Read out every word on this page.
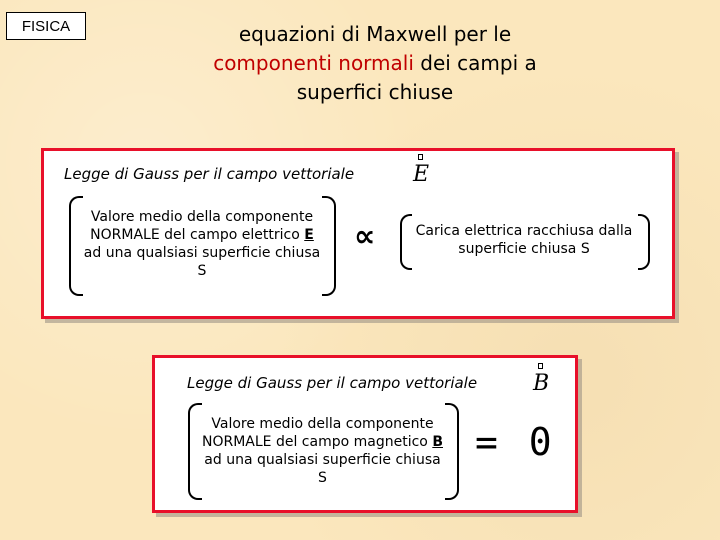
FISICA	equazioni di Maxwell per le
componenti normali dei campi a
superfici chiuse
Legge di Gauss per il campo vettoriale	E
Valore medio della componente NORMALE del campo elettrico E ad una qualsiasi superficie chiusa S
∝	Carica elettrica racchiusa dalla superficie chiusa S
Legge di Gauss per il campo vettoriale	B
Valore medio della componente NORMALE del campo magnetico B ad una qualsiasi superficie chiusa S
= 0
